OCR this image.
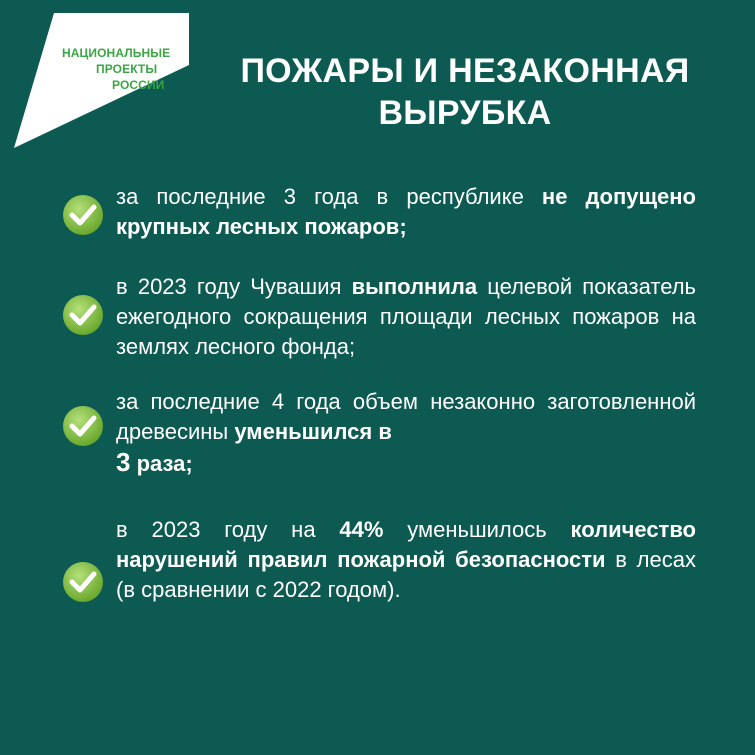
ЭКОЛОГИЯ
НАЦИОНАЛЬНЫЕ
ПРОЕКТЫ
РОССИИ	ПОЖАРЫ И НЕЗАКОННАЯ
ВЫРУБКА
за последние 3 года в республике не допущено крупных лесных пожаров;
в 2023 году Чувашия выполнила целевой показатель ежегодного сокращения площади лесных пожаров на землях лесного фонда;
за последние 4 года объем незаконно заготовленной древесины уменьшился в
3 раза;
в 2023 году на 44% уменьшилось количество нарушений правил пожарной безопасности в лесах (в сравнении с 2022 годом).
